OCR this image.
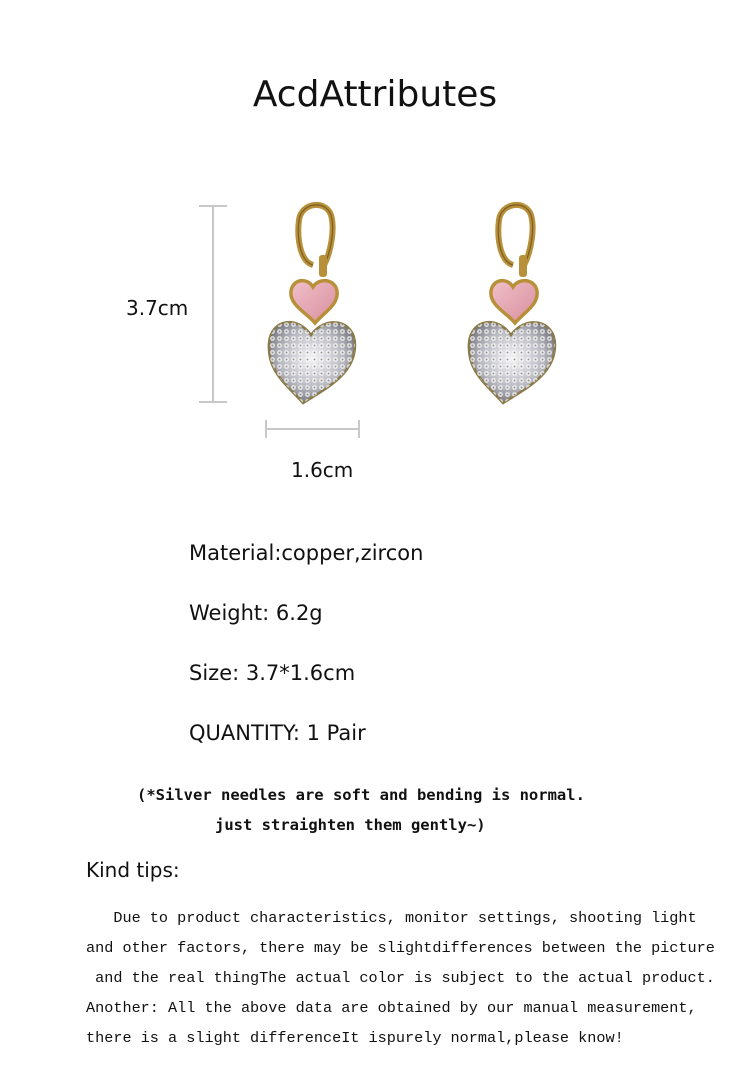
AcdAttributes
3.7cm
1.6cm
Material:copper,zircon
Weight: 6.2g
Size: 3.7*1.6cm
QUANTITY: 1 Pair
(*Silver needles are soft and bending is normal.
just straighten them gently~)
Kind tips:
Due to product characteristics, monitor settings, shooting light
and other factors, there may be slightdifferences between the picture
and the real thingThe actual color is subject to the actual product.
Another: All the above data are obtained by our manual measurement,
there is a slight differenceIt ispurely normal,please know!
